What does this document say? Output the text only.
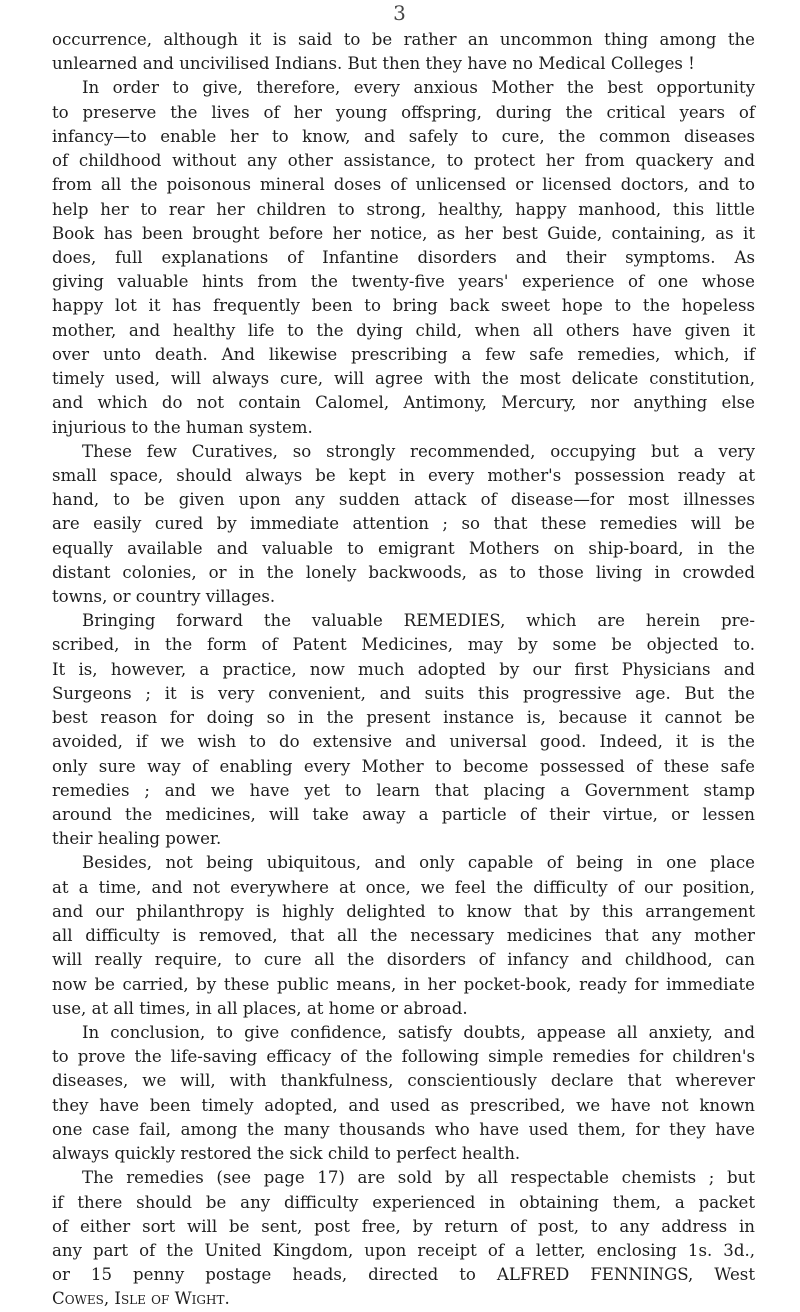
3
occurrence, although it is said to be rather an uncommon thing among the
unlearned and uncivilised Indians. But then they have no Medical Colleges !
In order to give, therefore, every anxious Mother the best opportunity
to preserve the lives of her young offspring, during the critical years of
infancy—to enable her to know, and safely to cure, the common diseases
of childhood without any other assistance, to protect her from quackery and
from all the poisonous mineral doses of unlicensed or licensed doctors, and to
help her to rear her children to strong, healthy, happy manhood, this little
Book has been brought before her notice, as her best Guide, containing, as it
does, full explanations of Infantine disorders and their symptoms. As
giving valuable hints from the twenty-five years' experience of one whose
happy lot it has frequently been to bring back sweet hope to the hopeless
mother, and healthy life to the dying child, when all others have given it
over unto death. And likewise prescribing a few safe remedies, which, if
timely used, will always cure, will agree with the most delicate constitution,
and which do not contain Calomel, Antimony, Mercury, nor anything else
injurious to the human system.
These few Curatives, so strongly recommended, occupying but a very
small space, should always be kept in every mother's possession ready at
hand, to be given upon any sudden attack of disease—for most illnesses
are easily cured by immediate attention ; so that these remedies will be
equally available and valuable to emigrant Mothers on ship-board, in the
distant colonies, or in the lonely backwoods, as to those living in crowded
towns, or country villages.
Bringing forward the valuable REMEDIES, which are herein pre-
scribed, in the form of Patent Medicines, may by some be objected to.
It is, however, a practice, now much adopted by our first Physicians and
Surgeons ; it is very convenient, and suits this progressive age. But the
best reason for doing so in the present instance is, because it cannot be
avoided, if we wish to do extensive and universal good. Indeed, it is the
only sure way of enabling every Mother to become possessed of these safe
remedies ; and we have yet to learn that placing a Government stamp
around the medicines, will take away a particle of their virtue, or lessen
their healing power.
Besides, not being ubiquitous, and only capable of being in one place
at a time, and not everywhere at once, we feel the difficulty of our position,
and our philanthropy is highly delighted to know that by this arrangement
all difficulty is removed, that all the necessary medicines that any mother
will really require, to cure all the disorders of infancy and childhood, can
now be carried, by these public means, in her pocket-book, ready for immediate
use, at all times, in all places, at home or abroad.
In conclusion, to give confidence, satisfy doubts, appease all anxiety, and
to prove the life-saving efficacy of the following simple remedies for children's
diseases, we will, with thankfulness, conscientiously declare that wherever
they have been timely adopted, and used as prescribed, we have not known
one case fail, among the many thousands who have used them, for they have
always quickly restored the sick child to perfect health.
The remedies (see page 17) are sold by all respectable chemists ; but
if there should be any difficulty experienced in obtaining them, a packet
of either sort will be sent, post free, by return of post, to any address in
any part of the United Kingdom, upon receipt of a letter, enclosing 1s. 3d.,
or 15 penny postage heads, directed to ALFRED FENNINGS, West
Cowes, Isle of Wight.
